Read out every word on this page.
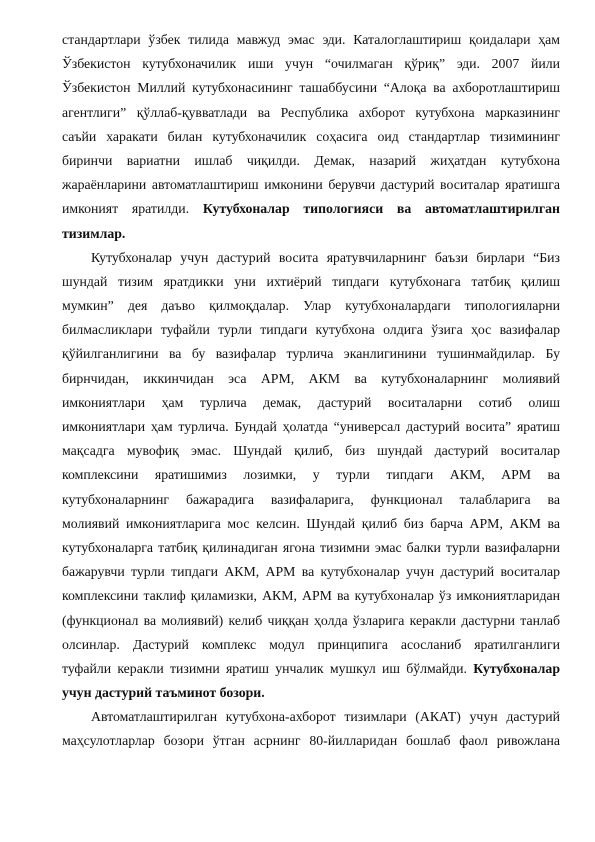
стандартлари ўзбек тилида мавжуд эмас эди. Каталоглаштириш қоидалари ҳам
Ўзбекистон кутубхоначилик иши учун “очилмаган қўриқ” эди. 2007 йили
Ўзбекистон Миллий кутубхонасининг ташаббусини “Алоқа ва ахборотлаштириш
агентлиги” қўллаб-қувватлади ва Республика ахборот кутубхона марказининг
саъйи харакати билан кутубхоначилик соҳасига оид стандартлар тизимининг
биринчи вариатни ишлаб чиқилди. Демак, назарий жиҳатдан кутубхона
жараёнларини автоматлаштириш имконини берувчи дастурий воситалар яратишга
имконият яратилди. Кутубхоналар типологияси ва автоматлаштирилган
тизимлар.
Кутубхоналар учун дастурий восита яратувчиларнинг баъзи бирлари “Биз
шундай тизим яратдикки уни ихтиёрий типдаги кутубхонага татбиқ қилиш
мумкин” дея даъво қилмоқдалар. Улар кутубхоналардаги типологияларни
билмасликлари туфайли турли типдаги кутубхона олдига ўзига ҳос вазифалар
қўйилганлигини ва бу вазифалар турлича эканлигинини тушинмайдилар. Бу
бирнчидан, иккинчидан эса АРМ, АКМ ва кутубхоналарнинг молиявий
имкониятлари ҳам турлича демак, дастурий воситаларни сотиб олиш
имкониятлари ҳам турлича. Бундай ҳолатда “универсал дастурий восита” яратиш
мақсадга мувофиқ эмас. Шундай қилиб, биз шундай дастурий воситалар
комплексини яратишимиз лозимки, у турли типдаги АКМ, АРМ ва
кутубхоналарнинг бажарадига вазифаларига, функционал талабларига ва
молиявий имкониятларига мос келсин. Шундай қилиб биз барча АРМ, АКМ ва
кутубхоналарга татбиқ қилинадиган ягона тизимни эмас балки турли вазифаларни
бажарувчи турли типдаги АКМ, АРМ ва кутубхоналар учун дастурий воситалар
комплексини таклиф қиламизки, АКМ, АРМ ва кутубхоналар ўз имкониятларидан
(функционал ва молиявий) келиб чиққан ҳолда ўзларига керакли дастурни танлаб
олсинлар. Дастурий комплекс модул принципига асосланиб яратилганлиги
туфайли керакли тизимни яратиш унчалик мушкул иш бўлмайди. Кутубхоналар
учун дастурий таъминот бозори.
Автоматлаштирилган кутубхона-ахборот тизимлари (АКАТ) учун дастурий
маҳсулотларлар бозори ўтган асрнинг 80-йилларидан бошлаб фаол ривожлана
